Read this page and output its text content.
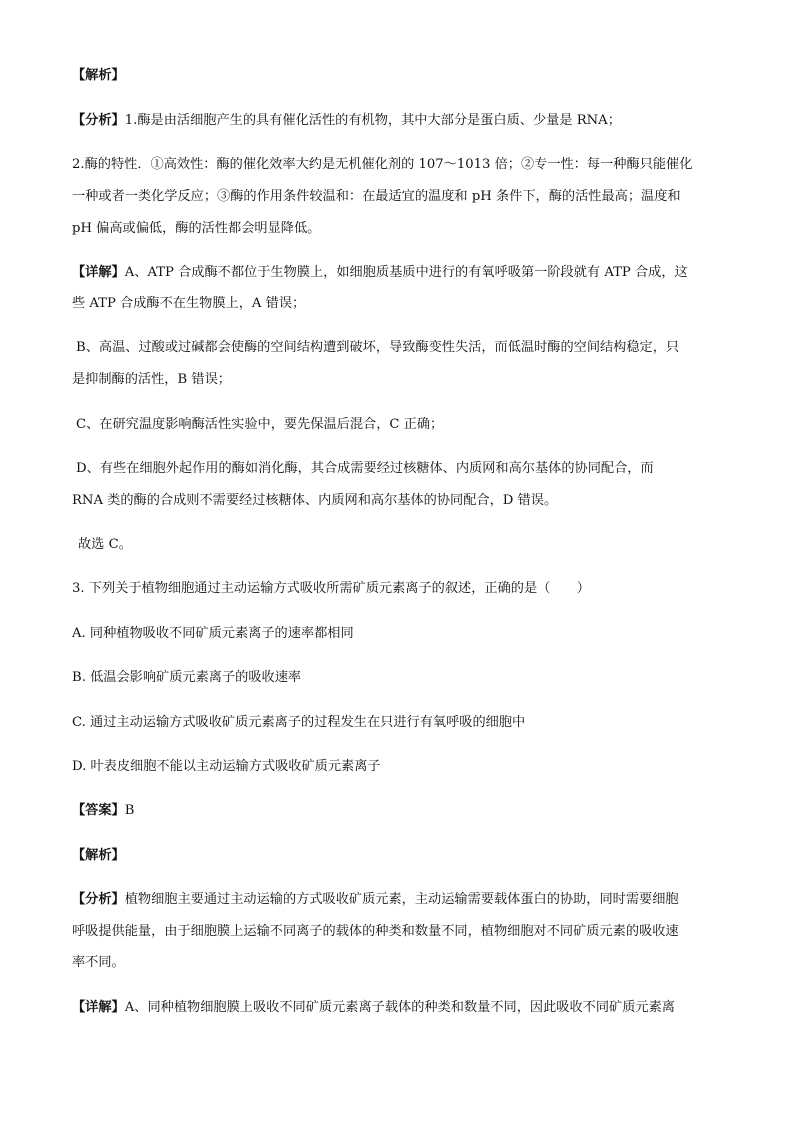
【解析】
【分析】1.酶是由活细胞产生的具有催化活性的有机物，其中大部分是蛋白质、少量是 RNA；
2.酶的特性．①高效性：酶的催化效率大约是无机催化剂的 107～1013 倍；②专一性：每一种酶只能催化
一种或者一类化学反应；③酶的作用条件较温和：在最适宜的温度和 pH 条件下，酶的活性最高；温度和
pH 偏高或偏低，酶的活性都会明显降低。
【详解】A、ATP 合成酶不都位于生物膜上，如细胞质基质中进行的有氧呼吸第一阶段就有 ATP 合成，这
些 ATP 合成酶不在生物膜上，A 错误；
B、高温、过酸或过碱都会使酶的空间结构遭到破坏，导致酶变性失活，而低温时酶的空间结构稳定，只
是抑制酶的活性，B 错误；
C、在研究温度影响酶活性实验中，要先保温后混合，C 正确；
D、有些在细胞外起作用的酶如消化酶，其合成需要经过核糖体、内质网和高尔基体的协同配合，而
RNA 类的酶的合成则不需要经过核糖体、内质网和高尔基体的协同配合，D 错误。
故选 C。
3. 下列关于植物细胞通过主动运输方式吸收所需矿质元素离子的叙述，正确的是（　　）
A. 同种植物吸收不同矿质元素离子的速率都相同
B. 低温会影响矿质元素离子的吸收速率
C. 通过主动运输方式吸收矿质元素离子的过程发生在只进行有氧呼吸的细胞中
D. 叶表皮细胞不能以主动运输方式吸收矿质元素离子
【答案】B
【解析】
【分析】植物细胞主要通过主动运输的方式吸收矿质元素，主动运输需要载体蛋白的协助，同时需要细胞
呼吸提供能量，由于细胞膜上运输不同离子的载体的种类和数量不同，植物细胞对不同矿质元素的吸收速
率不同。
【详解】A、同种植物细胞膜上吸收不同矿质元素离子载体的种类和数量不同，因此吸收不同矿质元素离
